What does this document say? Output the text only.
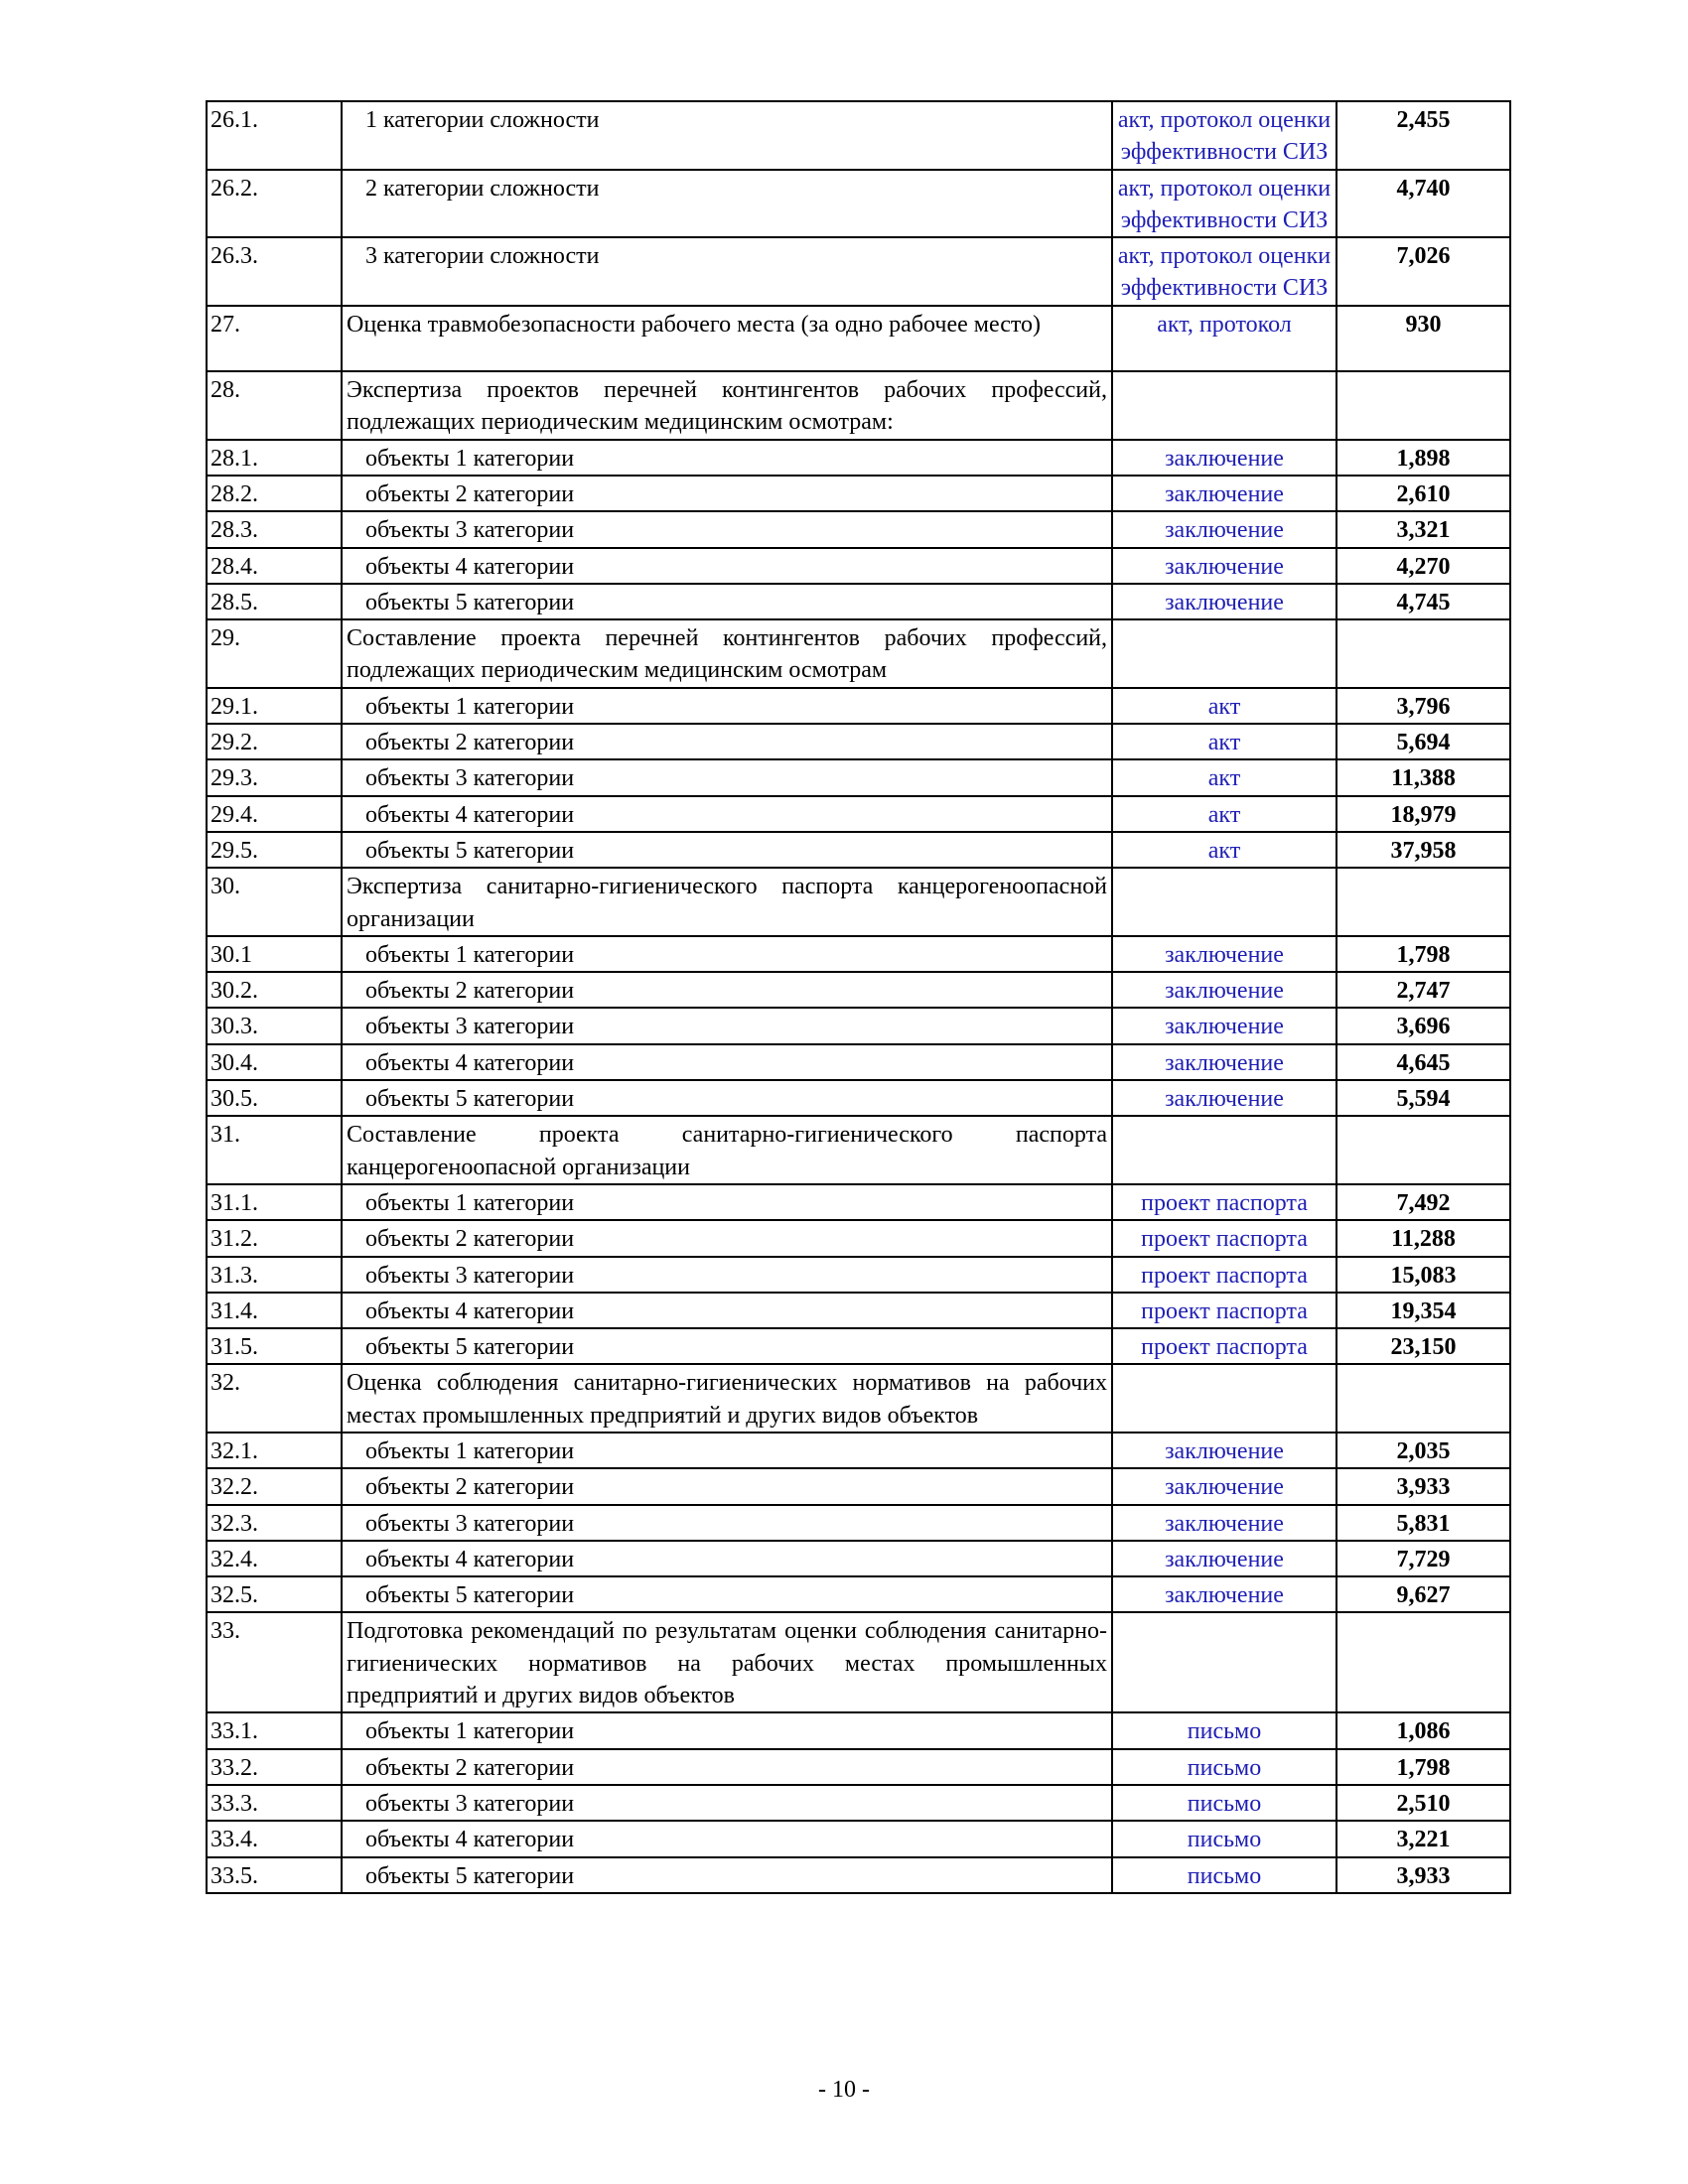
26.1.	1 категории сложности	акт, протокол оценки эффективности СИЗ	2,455
26.2.	2 категории сложности	акт, протокол оценки эффективности СИЗ	4,740
26.3.	3 категории сложности	акт, протокол оценки эффективности СИЗ	7,026
27.	Оценка травмобезопасности рабочего места (за одно рабочее место)	акт, протокол	930
28.	Экспертиза проектов перечней контингентов рабочих профессий, подлежащих периодическим медицинским осмотрам:		
28.1.	объекты 1 категории	заключение	1,898
28.2.	объекты 2 категории	заключение	2,610
28.3.	объекты 3 категории	заключение	3,321
28.4.	объекты 4 категории	заключение	4,270
28.5.	объекты 5 категории	заключение	4,745
29.	Составление проекта перечней контингентов рабочих профессий, подлежащих периодическим медицинским осмотрам		
29.1.	объекты 1 категории	акт	3,796
29.2.	объекты 2 категории	акт	5,694
29.3.	объекты 3 категории	акт	11,388
29.4.	объекты 4 категории	акт	18,979
29.5.	объекты 5 категории	акт	37,958
30.	Экспертиза санитарно-гигиенического паспорта канцерогеноопасной организации		
30.1	объекты 1 категории	заключение	1,798
30.2.	объекты 2 категории	заключение	2,747
30.3.	объекты 3 категории	заключение	3,696
30.4.	объекты 4 категории	заключение	4,645
30.5.	объекты 5 категории	заключение	5,594
31.	Составление проекта санитарно-гигиенического паспорта канцерогеноопасной организации		
31.1.	объекты 1 категории	проект паспорта	7,492
31.2.	объекты 2 категории	проект паспорта	11,288
31.3.	объекты 3 категории	проект паспорта	15,083
31.4.	объекты 4 категории	проект паспорта	19,354
31.5.	объекты 5 категории	проект паспорта	23,150
32.	Оценка соблюдения санитарно-гигиенических нормативов на рабочих местах промышленных предприятий и других видов объектов		
32.1.	объекты 1 категории	заключение	2,035
32.2.	объекты 2 категории	заключение	3,933
32.3.	объекты 3 категории	заключение	5,831
32.4.	объекты 4 категории	заключение	7,729
32.5.	объекты 5 категории	заключение	9,627
33.	Подготовка рекомендаций по результатам оценки соблюдения санитарно-гигиенических нормативов на рабочих местах промышленных предприятий и других видов объектов		
33.1.	объекты 1 категории	письмо	1,086
33.2.	объекты 2 категории	письмо	1,798
33.3.	объекты 3 категории	письмо	2,510
33.4.	объекты 4 категории	письмо	3,221
33.5.	объекты 5 категории	письмо	3,933
- 10 -
